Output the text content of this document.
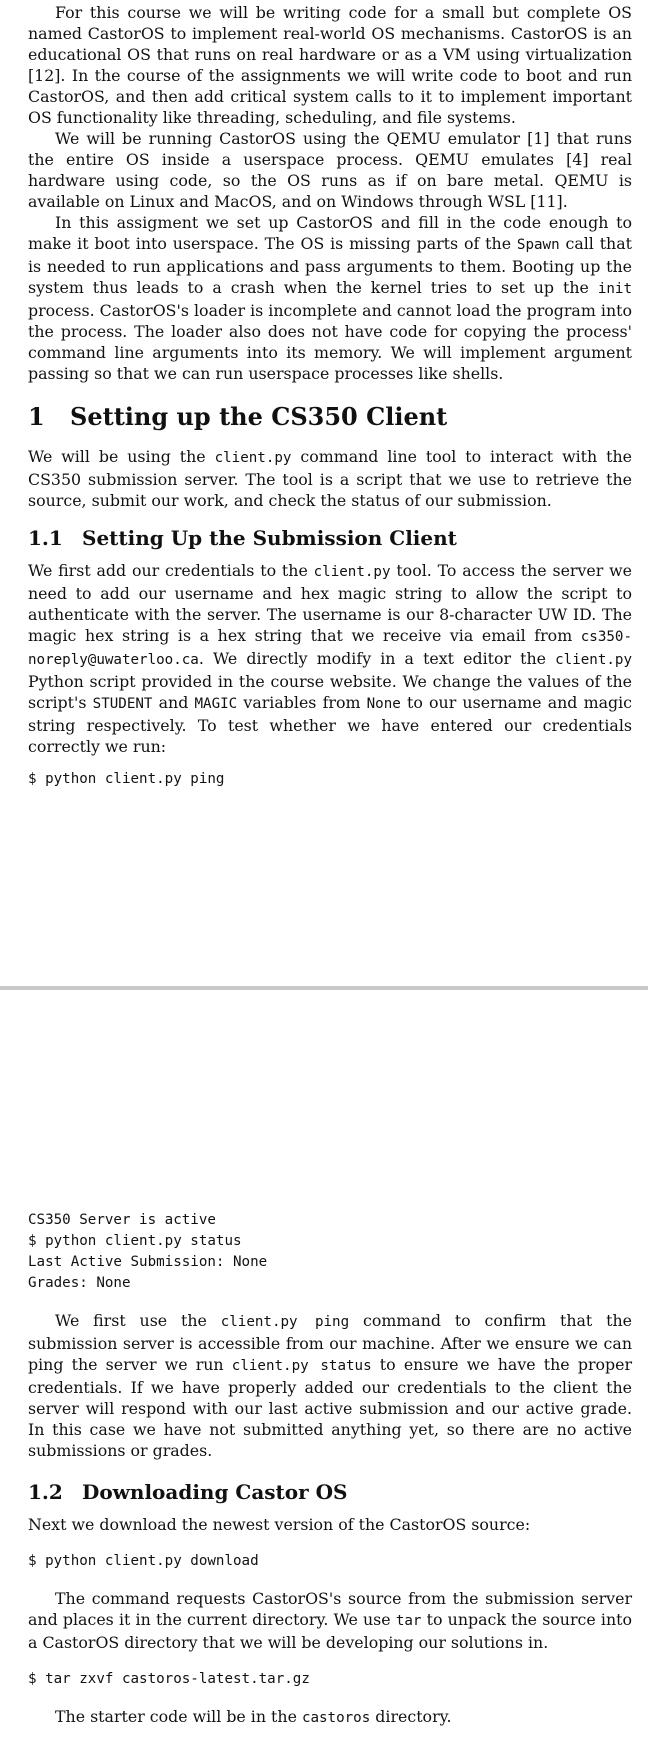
For this course we will be writing code for a small but complete OS named CastorOS to implement real-world OS mechanisms. CastorOS is an educational OS that runs on real hardware or as a VM using virtualization [12]. In the course of the assignments we will write code to boot and run CastorOS, and then add critical system calls to it to implement important OS functionality like threading, scheduling, and file systems.

We will be running CastorOS using the QEMU emulator [1] that runs the entire OS inside a userspace process. QEMU emulates [4] real hardware using code, so the OS runs as if on bare metal. QEMU is available on Linux and MacOS, and on Windows through WSL [11].

In this assigment we set up CastorOS and fill in the code enough to make it boot into userspace. The OS is missing parts of the Spawn call that is needed to run applications and pass arguments to them. Booting up the system thus leads to a crash when the kernel tries to set up the init process. CastorOS's loader is incomplete and cannot load the program into the process. The loader also does not have code for copying the process' command line arguments into its memory. We will implement argument passing so that we can run userspace processes like shells.

1 Setting up the CS350 Client

We will be using the client.py command line tool to interact with the CS350 submission server. The tool is a script that we use to retrieve the source, submit our work, and check the status of our submission.

1.1 Setting Up the Submission Client

We first add our credentials to the client.py tool. To access the server we need to add our username and hex magic string to allow the script to authenticate with the server. The username is our 8-character UW ID. The magic hex string is a hex string that we receive via email from cs350-noreply@uwaterloo.ca. We directly modify in a text editor the client.py Python script provided in the course website. We change the values of the script's STUDENT and MAGIC variables from None to our username and magic string respectively. To test whether we have entered our credentials correctly we run:

$ python client.py ping
CS350 Server is active
$ python client.py status
Last Active Submission: None
Grades: None

We first use the client.py ping command to confirm that the submission server is accessible from our machine. After we ensure we can ping the server we run client.py status to ensure we have the proper credentials. If we have properly added our credentials to the client the server will respond with our last active submission and our active grade. In this case we have not submitted anything yet, so there are no active submissions or grades.

1.2 Downloading Castor OS

Next we download the newest version of the CastorOS source:

$ python client.py download

The command requests CastorOS's source from the submission server and places it in the current directory. We use tar to unpack the source into a CastorOS directory that we will be developing our solutions in.

$ tar zxvf castoros-latest.tar.gz

The starter code will be in the castoros directory.
